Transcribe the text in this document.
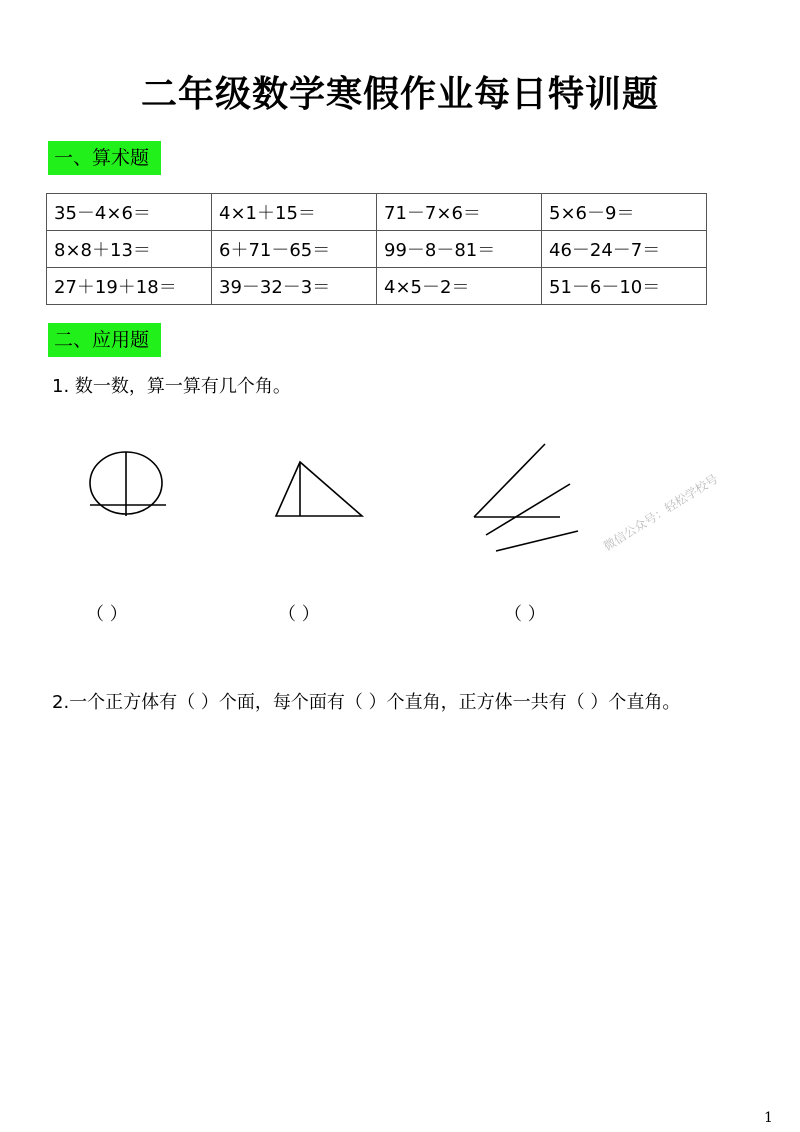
二年级数学寒假作业每日特训题
一、算术题
35－4×6＝	4×1＋15＝	71－7×6＝	5×6－9＝
8×8＋13＝	6＋71－65＝	99－8－81＝	46－24－7＝
27＋19＋18＝	39－32－3＝	4×5－2＝	51－6－10＝
二、应用题
1. 数一数，算一算有几个角。
微信公众号：轻松学校号
（ ）	（ ）	（ ）
2.一个正方体有（ ）个面，每个面有（ ）个直角，正方体一共有（ ）个直角。
1
